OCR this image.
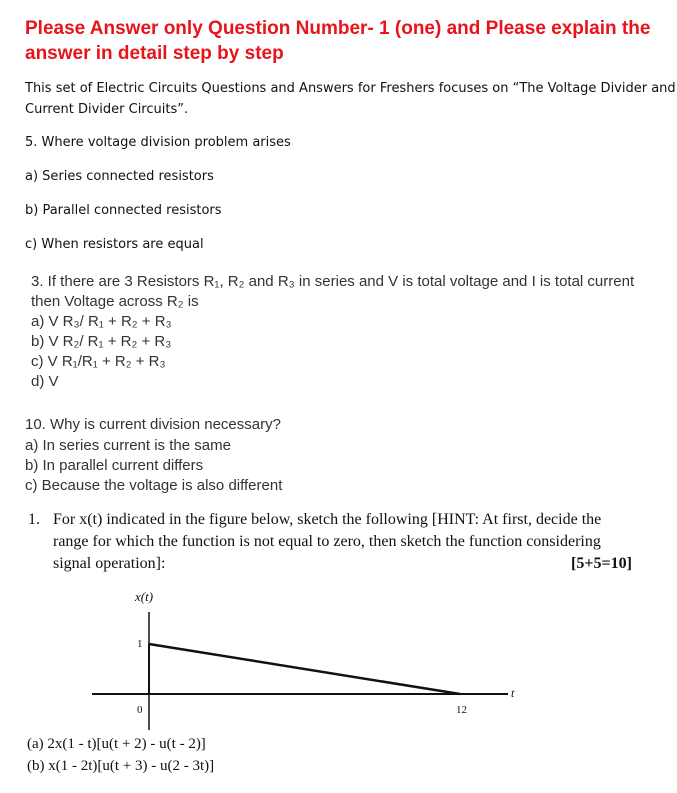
Please Answer only Question Number- 1 (one) and Please explain the
answer in detail step by step
This set of Electric Circuits Questions and Answers for Freshers focuses on “The Voltage Divider and
Current Divider Circuits”.
5. Where voltage division problem arises
a) Series connected resistors
b) Parallel connected resistors
c) When resistors are equal
3. If there are 3 Resistors R₁, R₂ and R₃ in series and V is total voltage and I is total current
then Voltage across R₂ is
a) V R₃/ R₁ + R₂ + R₃
b) V R₂/ R₁ + R₂ + R₃
c) V R₁/R₁ + R₂ + R₃
d) V
10. Why is current division necessary?
a) In series current is the same
b) In parallel current differs
c) Because the voltage is also different
1. For x(t) indicated in the figure below, sketch the following [HINT: At first, decide the
range for which the function is not equal to zero, then sketch the function considering
signal operation]:	[5+5=10]
x(t)
t
1
0	12
(a) 2x(1 - t)[u(t + 2) - u(t - 2)]
(b) x(1 - 2t)[u(t + 3) - u(2 - 3t)]
